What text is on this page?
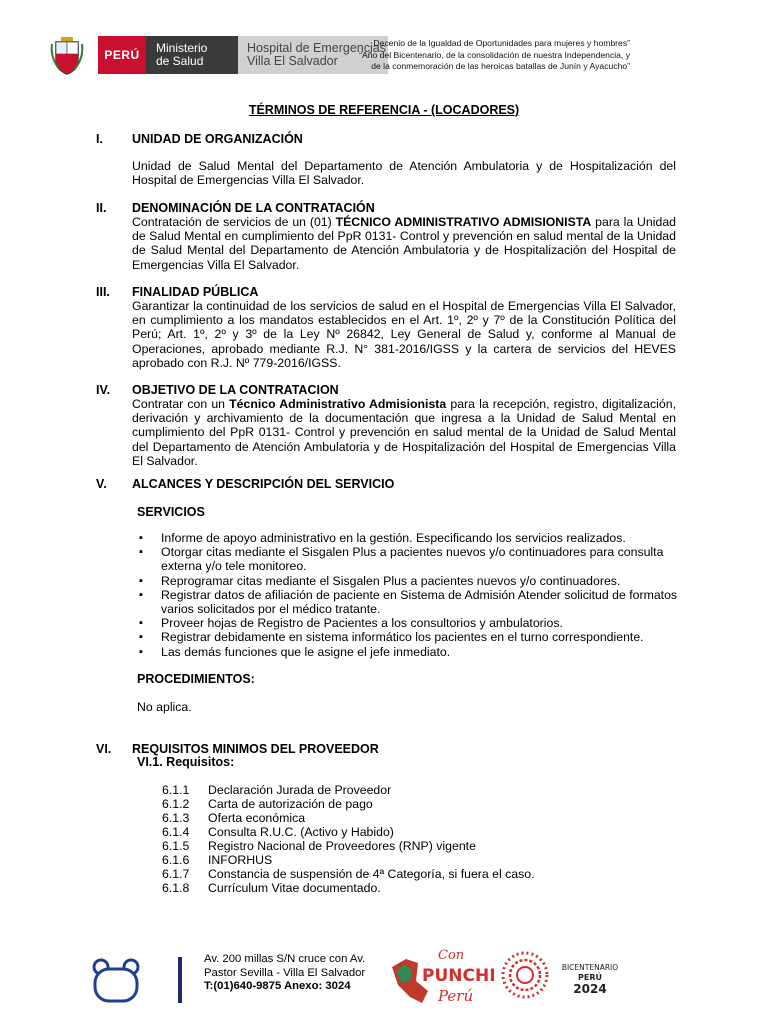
PERÚ Ministerio
de Salud
Hospital de Emergencias
Villa El Salvador
Decenio de la Igualdad de Oportunidades para mujeres y hombres”
“Año del Bicentenario, de la consolidación de nuestra Independencia, y
de la conmemoración de las heroicas batallas de Junín y Ayacucho”
TÉRMINOS DE REFERENCIA - (LOCADORES)
I. UNIDAD DE ORGANIZACIÓN
Unidad de Salud Mental del Departamento de Atención Ambulatoria y de Hospitalización del Hospital de Emergencias Villa El Salvador.
II. DENOMINACIÓN DE LA CONTRATACIÓN
Contratación de servicios de un (01) TÉCNICO ADMINISTRATIVO ADMISIONISTA para la Unidad de Salud Mental en cumplimiento del PpR 0131- Control y prevención en salud mental de la Unidad de Salud Mental del Departamento de Atención Ambulatoria y de Hospitalización del Hospital de Emergencias Villa El Salvador.
III. FINALIDAD PÚBLICA
Garantizar la continuidad de los servicios de salud en el Hospital de Emergencias Villa El Salvador, en cumplimiento a los mandatos establecidos en el Art. 1º, 2º y 7º de la Constitución Política del Perú; Art. 1º, 2º y 3º de la Ley Nº 26842, Ley General de Salud y, conforme al Manual de Operaciones, aprobado mediante R.J. N° 381-2016/IGSS y la cartera de servicios del HEVES aprobado con R.J. Nº 779-2016/IGSS.
IV. OBJETIVO DE LA CONTRATACION
Contratar con un Técnico Administrativo Admisionista para la recepción, registro, digitalización, derivación y archivamiento de la documentación que ingresa a la Unidad de Salud Mental en cumplimiento del PpR 0131- Control y prevención en salud mental de la Unidad de Salud Mental del Departamento de Atención Ambulatoria y de Hospitalización del Hospital de Emergencias Villa El Salvador.
V. ALCANCES Y DESCRIPCIÓN DEL SERVICIO
SERVICIOS
▪ Informe de apoyo administrativo en la gestión. Especificando los servicios realizados.
▪ Otorgar citas mediante el Sisgalen Plus a pacientes nuevos y/o continuadores para consulta externa y/o tele monitoreo.
▪ Reprogramar citas mediante el Sisgalen Plus a pacientes nuevos y/o continuadores.
▪ Registrar datos de afiliación de paciente en Sistema de Admisión Atender solicitud de formatos varios solicitados por el médico tratante.
▪ Proveer hojas de Registro de Pacientes a los consultorios y ambulatorios.
▪ Registrar debidamente en sistema informático los pacientes en el turno correspondiente.
▪ Las demás funciones que le asigne el jefe inmediato.
PROCEDIMIENTOS:
No aplica.
VI. REQUISITOS MINIMOS DEL PROVEEDOR
VI.1. Requisitos:
6.1.1 Declaración Jurada de Proveedor
6.1.2 Carta de autorización de pago
6.1.3 Oferta económica
6.1.4 Consulta R.U.C. (Activo y Habido)
6.1.5 Registro Nacional de Proveedores (RNP) vigente
6.1.6 INFORHUS
6.1.7 Constancia de suspensión de 4ª Categoría, si fuera el caso.
6.1.8 Currículum Vitae documentado.
Av. 200 millas S/N cruce con Av.
Pastor Sevilla - Villa El Salvador
T:(01)640-9875 Anexo: 3024
Con
PUNCHE
Perú
BICENTENARIO
PERÚ
2024
